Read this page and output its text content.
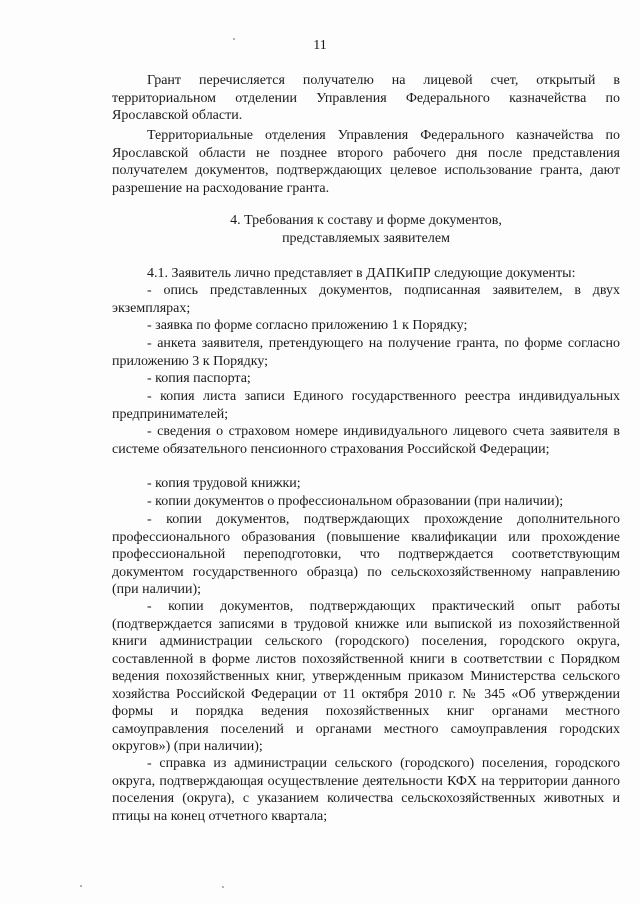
11

Грант перечисляется получателю на лицевой счет, открытый в территориальном отделении Управления Федерального казначейства по Ярославской области.

Территориальные отделения Управления Федерального казначейства по Ярославской области не позднее второго рабочего дня после представления получателем документов, подтверждающих целевое использование гранта, дают разрешение на расходование гранта.

4. Требования к составу и форме документов,

представляемых заявителем

4.1. Заявитель лично представляет в ДАПКиПР следующие документы:

- опись представленных документов, подписанная заявителем, в двух экземплярах;

- заявка по форме согласно приложению 1 к Порядку;

- анкета заявителя, претендующего на получение гранта, по форме согласно приложению 3 к Порядку;

- копия паспорта;

- копия листа записи Единого государственного реестра индивидуальных предпринимателей;

- сведения о страховом номере индивидуального лицевого счета заявителя в системе обязательного пенсионного страхования Российской Федерации;

- копия трудовой книжки;

- копии документов о профессиональном образовании (при наличии);

- копии документов, подтверждающих прохождение дополнительного профессионального образования (повышение квалификации или прохождение профессиональной переподготовки, что подтверждается соответствующим документом государственного образца) по сельскохозяйственному направлению (при наличии);

- копии документов, подтверждающих практический опыт работы (подтверждается записями в трудовой книжке или выпиской из похозяйственной книги администрации сельского (городского) поселения, городского округа, составленной в форме листов похозяйственной книги в соответствии с Порядком ведения похозяйственных книг, утвержденным приказом Министерства сельского хозяйства Российской Федерации от 11 октября 2010 г. № 345 «Об утверждении формы и порядка ведения похозяйственных книг органами местного самоуправления поселений и органами местного самоуправления городских округов») (при наличии);

- справка из администрации сельского (городского) поселения, городского округа, подтверждающая осуществление деятельности КФХ на территории данного поселения (округа), с указанием количества сельскохозяйственных животных и птицы на конец отчетного квартала;
